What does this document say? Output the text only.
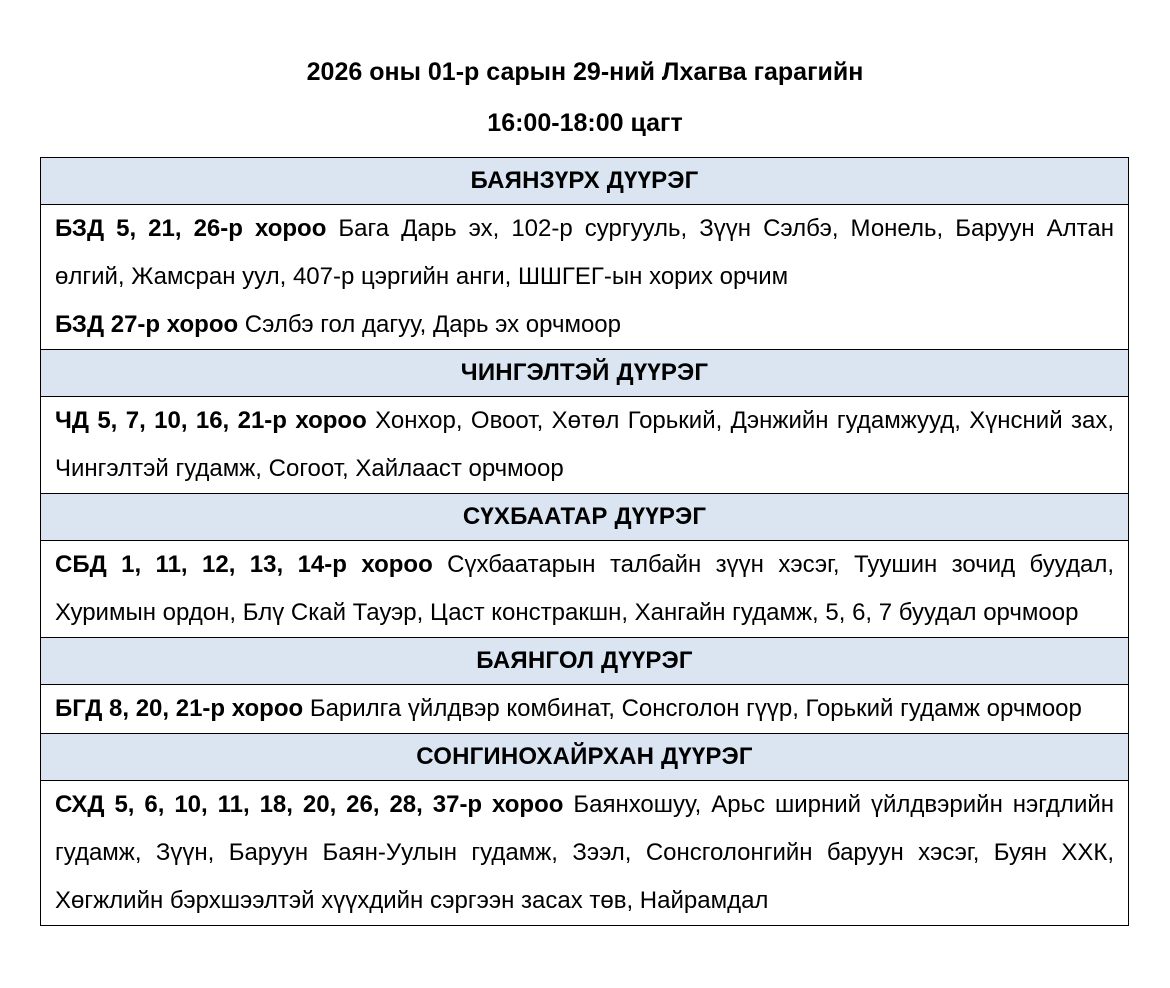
2026 оны 01-р сарын 29-ний Лхагва гарагийн
16:00-18:00 цагт
БАЯНЗҮРХ ДҮҮРЭГ

БЗД 5, 21, 26-р хороо Бага Дарь эх, 102-р сургууль, Зүүн Сэлбэ, Монель, Баруун Алтан өлгий, Жамсран уул, 407-р цэргийн анги, ШШГЕГ-ын хорих орчим
БЗД 27-р хороо Сэлбэ гол дагуу, Дарь эх орчмоор

ЧИНГЭЛТЭЙ ДҮҮРЭГ

ЧД 5, 7, 10, 16, 21-р хороо Хонхор, Овоот, Хөтөл Горький, Дэнжийн гудамжууд, Хүнсний зах, Чингэлтэй гудамж, Согоот, Хайлааст орчмоор

СҮХБААТАР ДҮҮРЭГ

СБД 1, 11, 12, 13, 14-р хороо Сүхбаатарын талбайн зүүн хэсэг, Туушин зочид буудал, Хуримын ордон, Блү Скай Тауэр, Цаст констракшн, Хангайн гудамж, 5, 6, 7 буудал орчмоор

БАЯНГОЛ ДҮҮРЭГ

БГД 8, 20, 21-р хороо Барилга үйлдвэр комбинат, Сонсголон гүүр, Горький гудамж орчмоор

СОНГИНОХАЙРХАН ДҮҮРЭГ

СХД 5, 6, 10, 11, 18, 20, 26, 28, 37-р хороо Баянхошуу, Арьс ширний үйлдвэрийн нэгдлийн гудамж, Зүүн, Баруун Баян-Уулын гудамж, Зээл, Сонсголонгийн баруун хэсэг, Буян ХХК, Хөгжлийн бэрхшээлтэй хүүхдийн сэргээн засах төв, Найрамдал
